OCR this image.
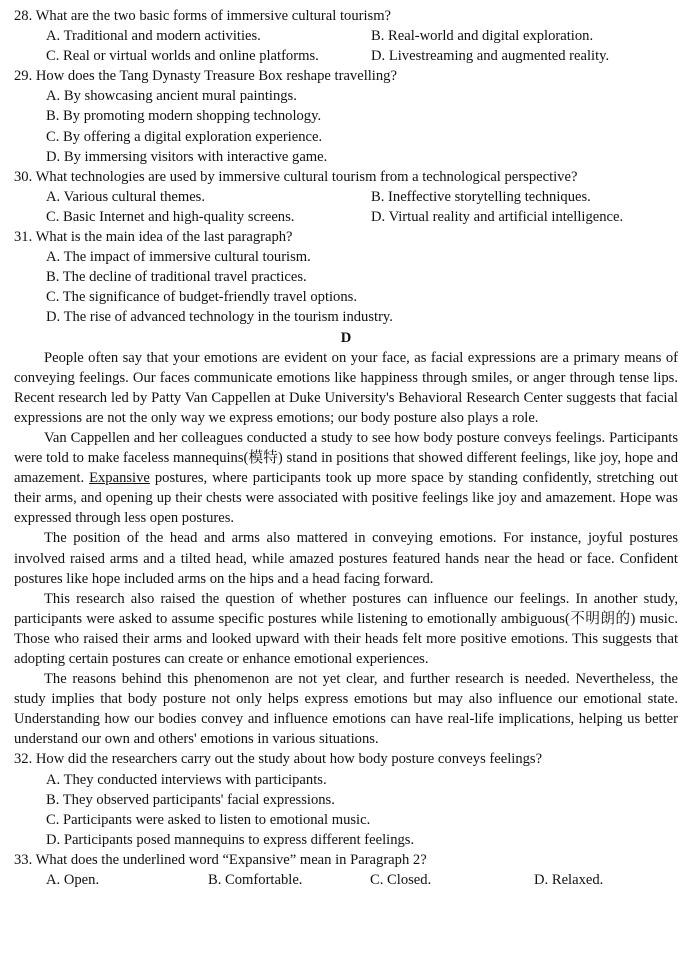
28. What are the two basic forms of immersive cultural tourism?
A. Traditional and modern activities.	B. Real-world and digital exploration.
C. Real or virtual worlds and online platforms.	D. Livestreaming and augmented reality.
29. How does the Tang Dynasty Treasure Box reshape travelling?
A. By showcasing ancient mural paintings.
B. By promoting modern shopping technology.
C. By offering a digital exploration experience.
D. By immersing visitors with interactive game.
30. What technologies are used by immersive cultural tourism from a technological perspective?
A. Various cultural themes.	B. Ineffective storytelling techniques.
C. Basic Internet and high-quality screens.	D. Virtual reality and artificial intelligence.
31. What is the main idea of the last paragraph?
A. The impact of immersive cultural tourism.
B. The decline of traditional travel practices.
C. The significance of budget-friendly travel options.
D. The rise of advanced technology in the tourism industry.
D

People often say that your emotions are evident on your face, as facial expressions are a primary means of conveying feelings. Our faces communicate emotions like happiness through smiles, or anger through tense lips. Recent research led by Patty Van Cappellen at Duke University's Behavioral Research Center suggests that facial expressions are not the only way we express emotions; our body posture also plays a role.

Van Cappellen and her colleagues conducted a study to see how body posture conveys feelings. Participants were told to make faceless mannequins(模特) stand in positions that showed different feelings, like joy, hope and amazement. Expansive postures, where participants took up more space by standing confidently, stretching out their arms, and opening up their chests were associated with positive feelings like joy and amazement. Hope was expressed through less open postures.

The position of the head and arms also mattered in conveying emotions. For instance, joyful postures involved raised arms and a tilted head, while amazed postures featured hands near the head or face. Confident postures like hope included arms on the hips and a head facing forward.

This research also raised the question of whether postures can influence our feelings. In another study, participants were asked to assume specific postures while listening to emotionally ambiguous(不明朗的) music. Those who raised their arms and looked upward with their heads felt more positive emotions. This suggests that adopting certain postures can create or enhance emotional experiences.

The reasons behind this phenomenon are not yet clear, and further research is needed. Nevertheless, the study implies that body posture not only helps express emotions but may also influence our emotional state. Understanding how our bodies convey and influence emotions can have real-life implications, helping us better understand our own and others' emotions in various situations.

32. How did the researchers carry out the study about how body posture conveys feelings?
A. They conducted interviews with participants.
B. They observed participants' facial expressions.
C. Participants were asked to listen to emotional music.
D. Participants posed mannequins to express different feelings.
33. What does the underlined word “Expansive” mean in Paragraph 2?
A. Open.	B. Comfortable.	C. Closed.	D. Relaxed.
